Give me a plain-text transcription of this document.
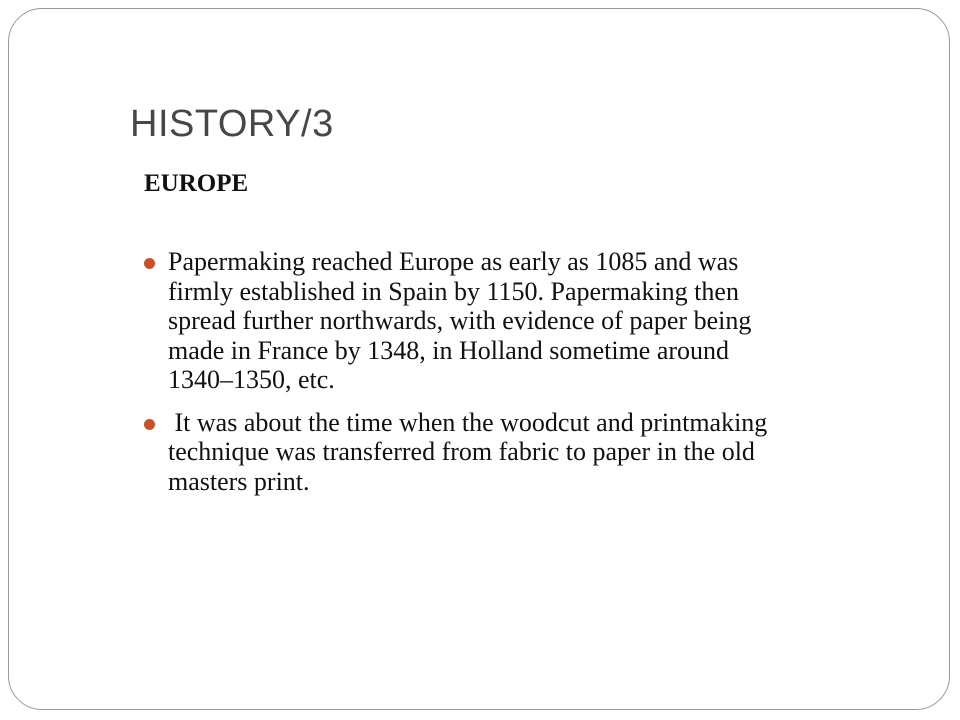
HISTORY/3
EUROPE
Papermaking reached Europe as early as 1085 and was firmly established in Spain by 1150. Papermaking then spread further northwards, with evidence of paper being made in France by 1348, in Holland sometime around 1340–1350, etc.
It was about the time when the woodcut and printmaking technique was transferred from fabric to paper in the old masters print.
